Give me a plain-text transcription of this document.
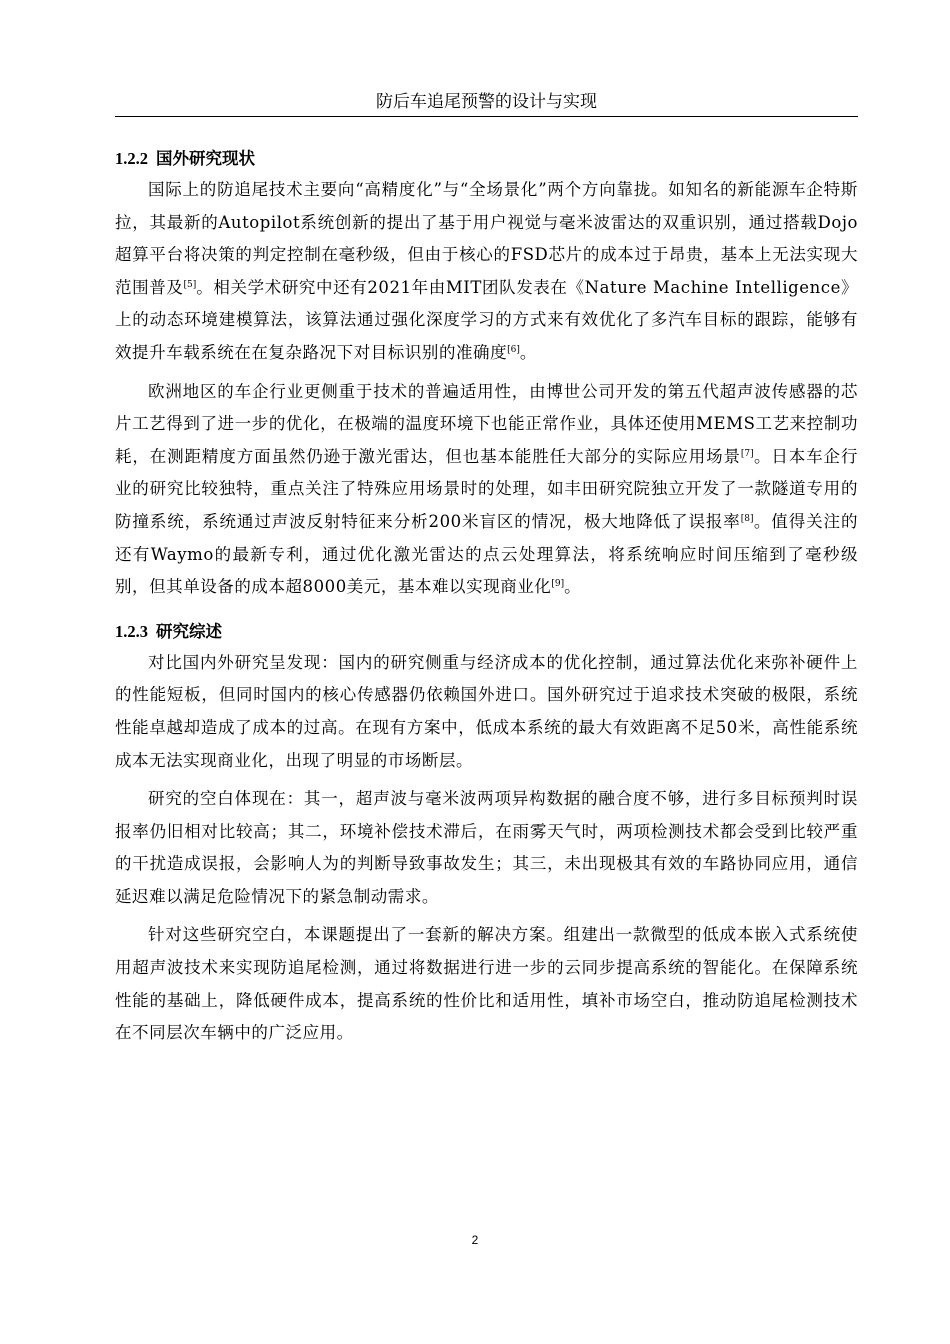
防后车追尾预警的设计与实现
1.2.2 国外研究现状

国际上的防追尾技术主要向“高精度化”与“全场景化”两个方向靠拢。如知名的新能源车企特斯拉，其最新的Autopilot系统创新的提出了基于用户视觉与毫米波雷达的双重识别，通过搭载Dojo超算平台将决策的判定控制在毫秒级，但由于核心的FSD芯片的成本过于昂贵，基本上无法实现大范围普及[5]。相关学术研究中还有2021年由MIT团队发表在《Nature Machine Intelligence》上的动态环境建模算法，该算法通过强化深度学习的方式来有效优化了多汽车目标的跟踪，能够有效提升车载系统在在复杂路况下对目标识别的准确度[6]。

欧洲地区的车企行业更侧重于技术的普遍适用性，由博世公司开发的第五代超声波传感器的芯片工艺得到了进一步的优化，在极端的温度环境下也能正常作业，具体还使用MEMS工艺来控制功耗，在测距精度方面虽然仍逊于激光雷达，但也基本能胜任大部分的实际应用场景[7]。日本车企行业的研究比较独特，重点关注了特殊应用场景时的处理，如丰田研究院独立开发了一款隧道专用的防撞系统，系统通过声波反射特征来分析200米盲区的情况，极大地降低了误报率[8]。值得关注的还有Waymo的最新专利，通过优化激光雷达的点云处理算法，将系统响应时间压缩到了毫秒级别，但其单设备的成本超8000美元，基本难以实现商业化[9]。

1.2.3 研究综述

对比国内外研究呈发现：国内的研究侧重与经济成本的优化控制，通过算法优化来弥补硬件上的性能短板，但同时国内的核心传感器仍依赖国外进口。国外研究过于追求技术突破的极限，系统性能卓越却造成了成本的过高。在现有方案中，低成本系统的最大有效距离不足50米，高性能系统成本无法实现商业化，出现了明显的市场断层。

研究的空白体现在：其一，超声波与毫米波两项异构数据的融合度不够，进行多目标预判时误报率仍旧相对比较高；其二，环境补偿技术滞后，在雨雾天气时，两项检测技术都会受到比较严重的干扰造成误报，会影响人为的判断导致事故发生；其三，未出现极其有效的车路协同应用，通信延迟难以满足危险情况下的紧急制动需求。

针对这些研究空白，本课题提出了一套新的解决方案。组建出一款微型的低成本嵌入式系统使用超声波技术来实现防追尾检测，通过将数据进行进一步的云同步提高系统的智能化。在保障系统性能的基础上，降低硬件成本，提高系统的性价比和适用性，填补市场空白，推动防追尾检测技术在不同层次车辆中的广泛应用。

2
